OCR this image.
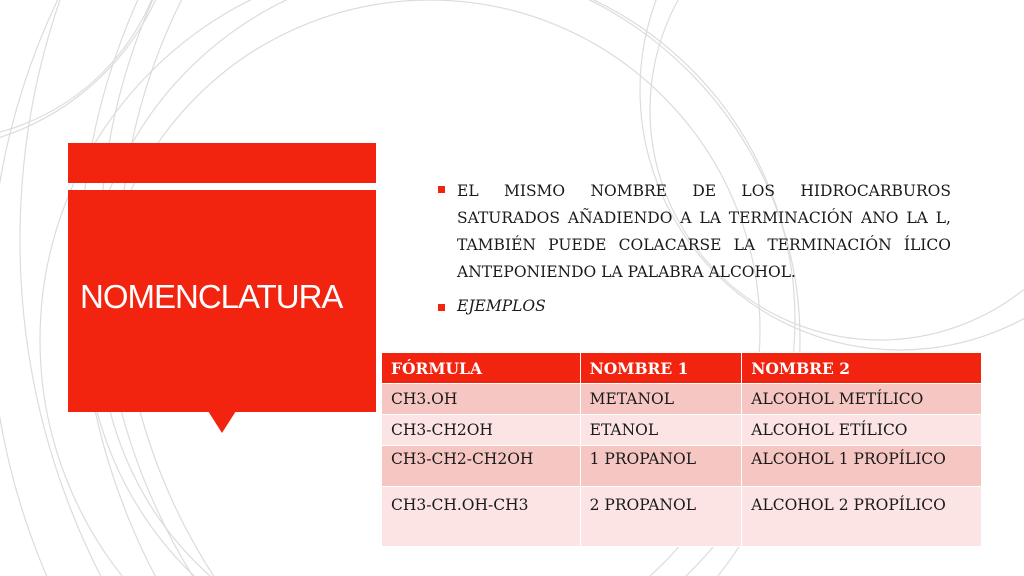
NOMENCLATURA
EL MISMO NOMBRE DE LOS HIDROCARBUROS SATURADOS AÑADIENDO A LA TERMINACIÓN ANO LA L, TAMBIÉN PUEDE COLACARSE LA TERMINACIÓN ÍLICO ANTEPONIENDO LA PALABRA ALCOHOL.
EJEMPLOS
FÓRMULA	NOMBRE 1	NOMBRE 2
CH3.OH	METANOL	ALCOHOL METÍLICO
CH3-CH2OH	ETANOL	ALCOHOL ETÍLICO
CH3-CH2-CH2OH	1 PROPANOL	ALCOHOL 1 PROPÍLICO
CH3-CH.OH-CH3	2 PROPANOL	ALCOHOL 2 PROPÍLICO
